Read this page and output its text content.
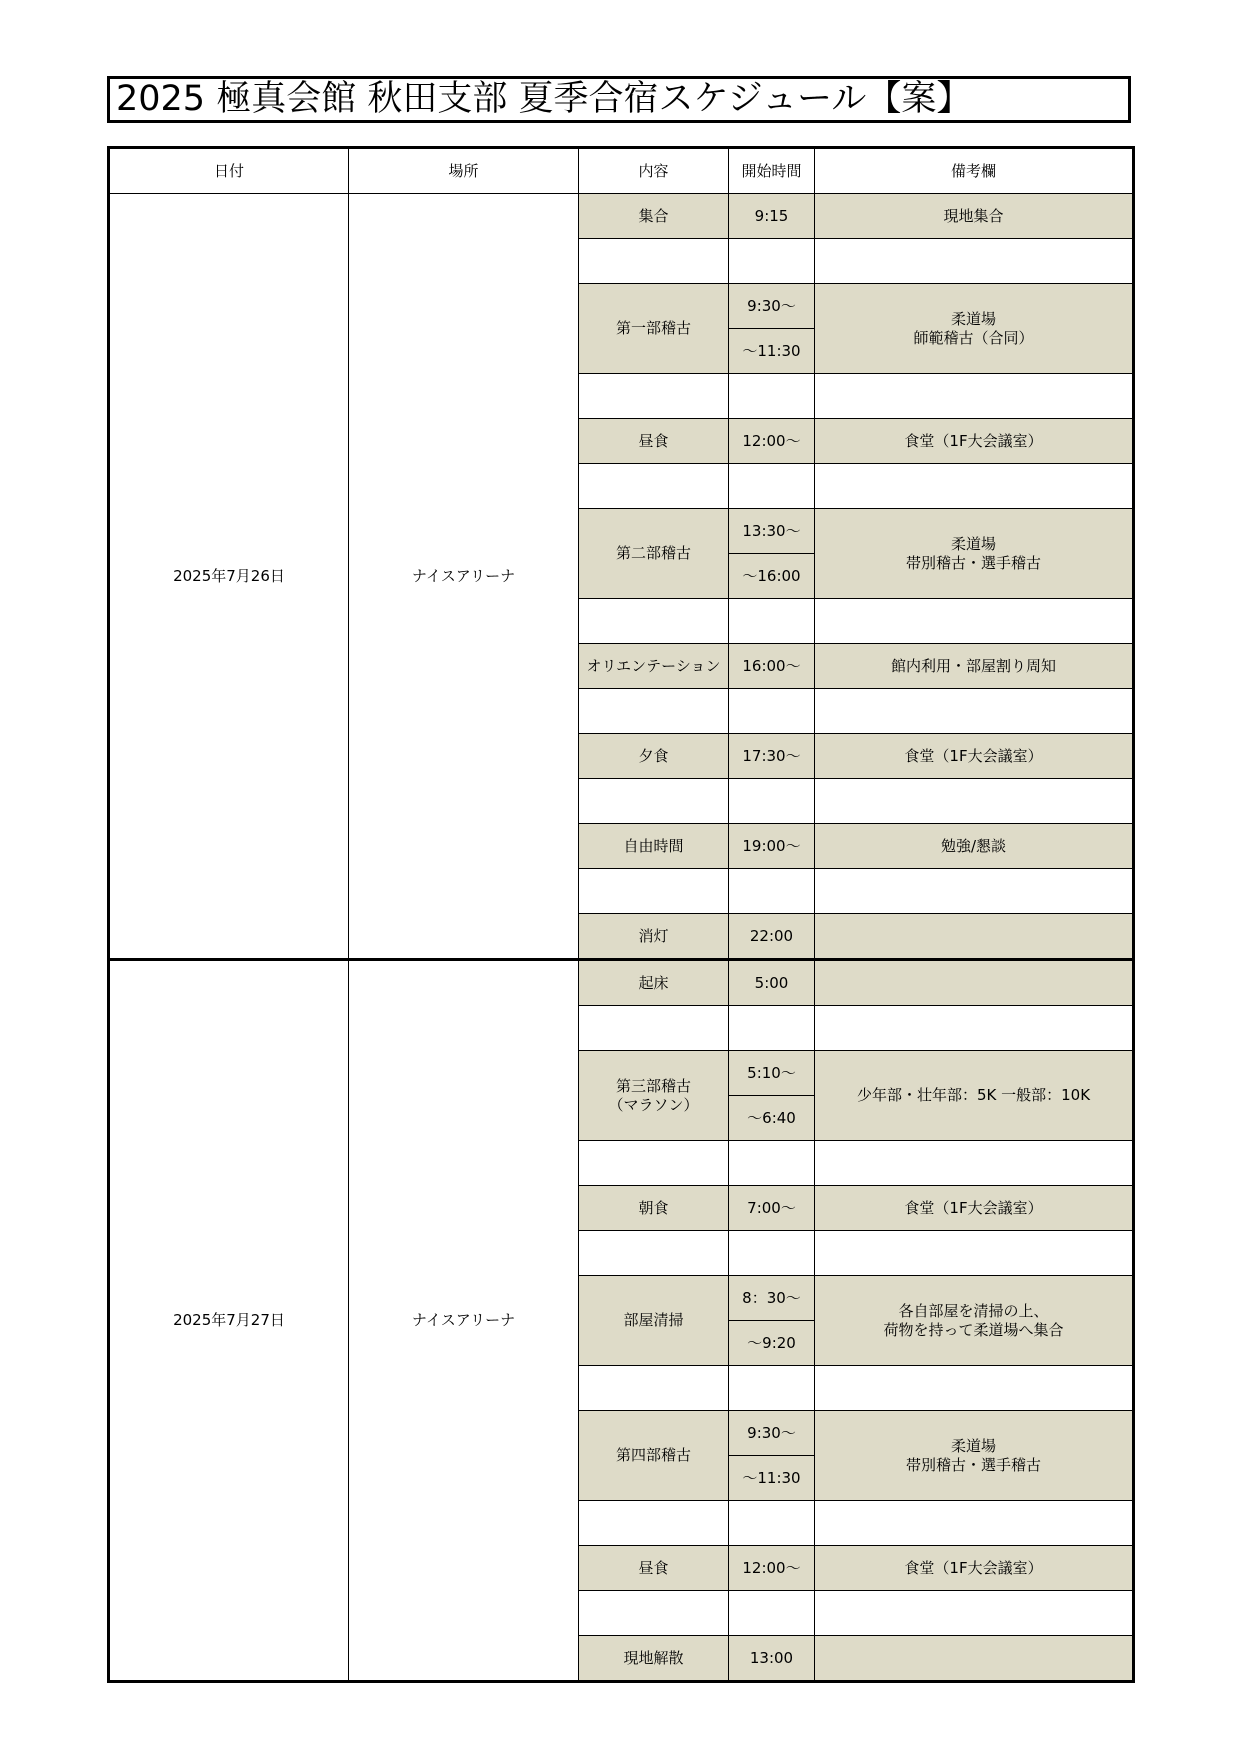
2025 極真会館 秋田支部 夏季合宿スケジュール【案】
日付	場所	内容	開始時間	備考欄
2025年7月26日	ナイスアリーナ	集合	9:15	現地集合

		第一部稽古	9:30～	柔道場
師範稽古（合同）

			～11:30	

		昼食	12:00～	食堂（1F大会議室）

		第二部稽古	13:30～	柔道場
帯別稽古・選手稽古

			～16:00	

		オリエンテーション	16:00～	館内利用・部屋割り周知

		夕食	17:30～	食堂（1F大会議室）

		自由時間	19:00～	勉強/懇談

		消灯	22:00	

2025年7月27日	ナイスアリーナ	起床	5:00	

		第三部稽古
（マラソン）	5:10～	少年部・壮年部：5K 一般部：10K

			～6:40	

		朝食	7:00～	食堂（1F大会議室）

		部屋清掃	8：30～	各自部屋を清掃の上、
荷物を持って柔道場へ集合

			～9:20	

		第四部稽古	9:30～	柔道場
帯別稽古・選手稽古

			～11:30	

		昼食	12:00～	食堂（1F大会議室）

		現地解散	13:00	
